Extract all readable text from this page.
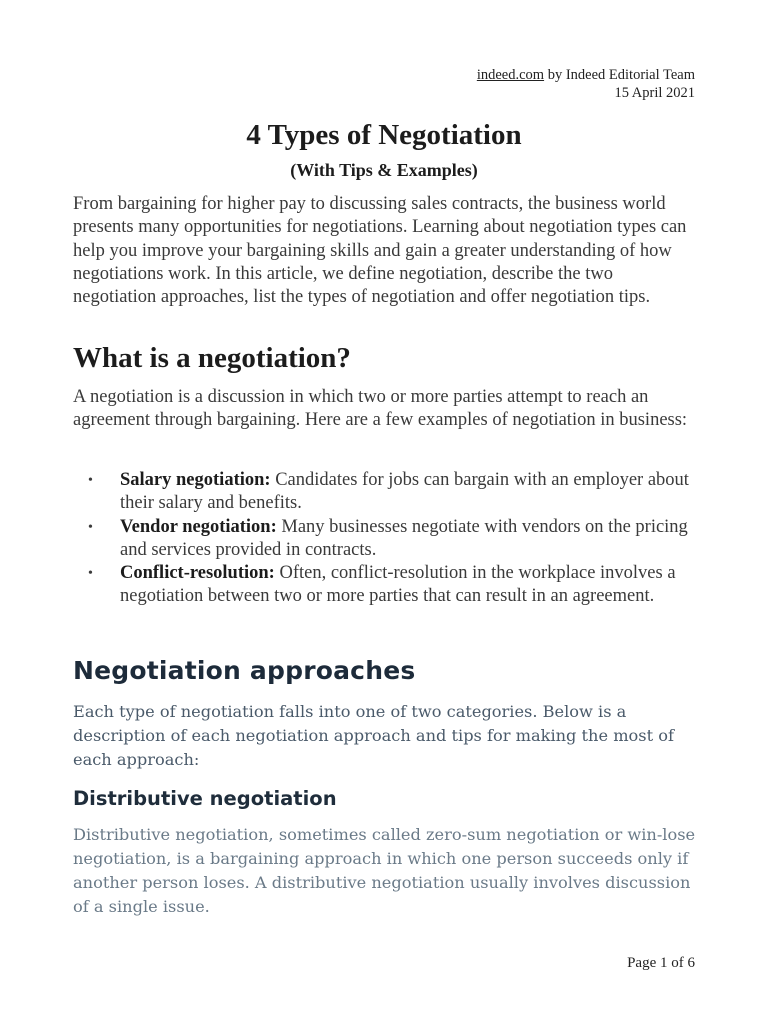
indeed.com by Indeed Editorial Team
15 April 2021
4 Types of Negotiation
(With Tips & Examples)

From bargaining for higher pay to discussing sales contracts, the business world presents many opportunities for negotiations. Learning about negotiation types can help you improve your bargaining skills and gain a greater understanding of how negotiations work. In this article, we define negotiation, describe the two negotiation approaches, list the types of negotiation and offer negotiation tips.

What is a negotiation?

A negotiation is a discussion in which two or more parties attempt to reach an agreement through bargaining. Here are a few examples of negotiation in business:

• Salary negotiation: Candidates for jobs can bargain with an employer about their salary and benefits.
• Vendor negotiation: Many businesses negotiate with vendors on the pricing and services provided in contracts.
• Conflict-resolution: Often, conflict-resolution in the workplace involves a negotiation between two or more parties that can result in an agreement.
Negotiation approaches

Each type of negotiation falls into one of two categories. Below is a description of each negotiation approach and tips for making the most of each approach:

Distributive negotiation

Distributive negotiation, sometimes called zero-sum negotiation or win-lose negotiation, is a bargaining approach in which one person succeeds only if another person loses. A distributive negotiation usually involves discussion of a single issue.

Page 1 of 6
